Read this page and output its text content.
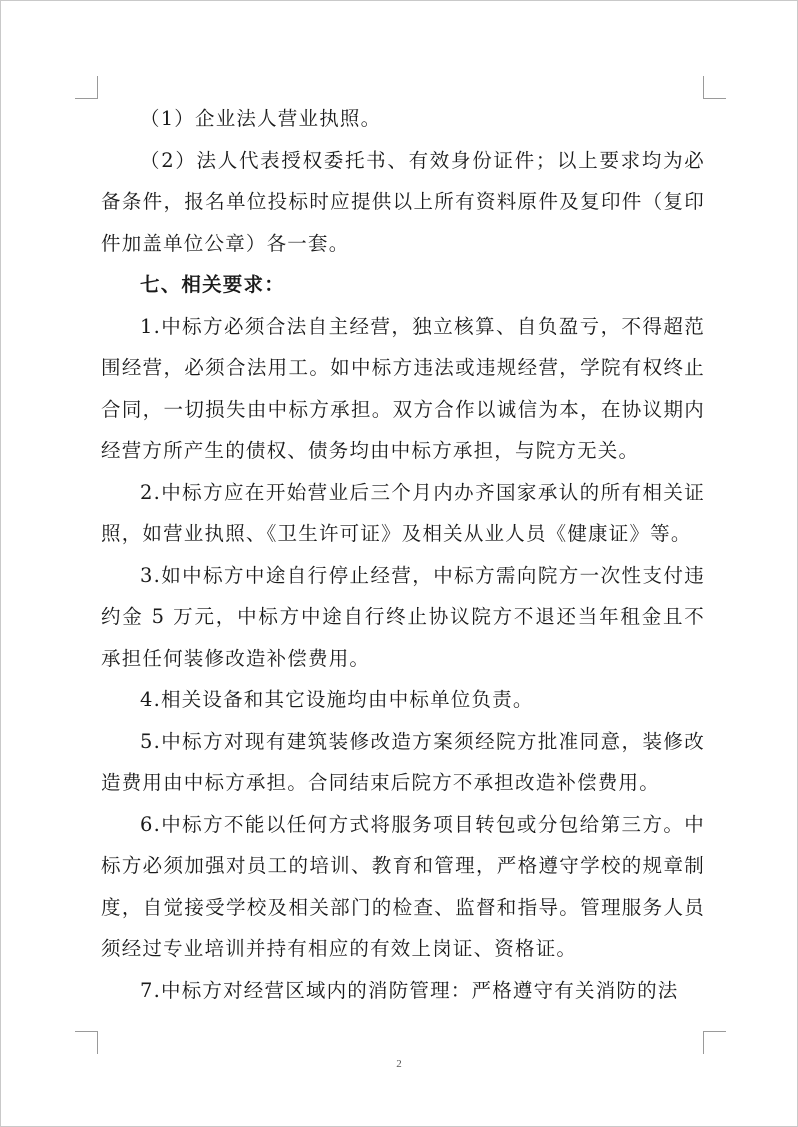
（1）企业法人营业执照。

（2）法人代表授权委托书、有效身份证件；以上要求均为必备条件，报名单位投标时应提供以上所有资料原件及复印件（复印件加盖单位公章）各一套。

七、相关要求：

1.中标方必须合法自主经营，独立核算、自负盈亏，不得超范围经营，必须合法用工。如中标方违法或违规经营，学院有权终止合同，一切损失由中标方承担。双方合作以诚信为本，在协议期内经营方所产生的债权、债务均由中标方承担，与院方无关。

2.中标方应在开始营业后三个月内办齐国家承认的所有相关证照，如营业执照、《卫生许可证》及相关从业人员《健康证》等。

3.如中标方中途自行停止经营，中标方需向院方一次性支付违约金 5 万元，中标方中途自行终止协议院方不退还当年租金且不承担任何装修改造补偿费用。

4.相关设备和其它设施均由中标单位负责。

5.中标方对现有建筑装修改造方案须经院方批准同意，装修改造费用由中标方承担。合同结束后院方不承担改造补偿费用。

6.中标方不能以任何方式将服务项目转包或分包给第三方。中标方必须加强对员工的培训、教育和管理，严格遵守学校的规章制度，自觉接受学校及相关部门的检查、监督和指导。管理服务人员须经过专业培训并持有相应的有效上岗证、资格证。

7.中标方对经营区域内的消防管理：严格遵守有关消防的法

2
